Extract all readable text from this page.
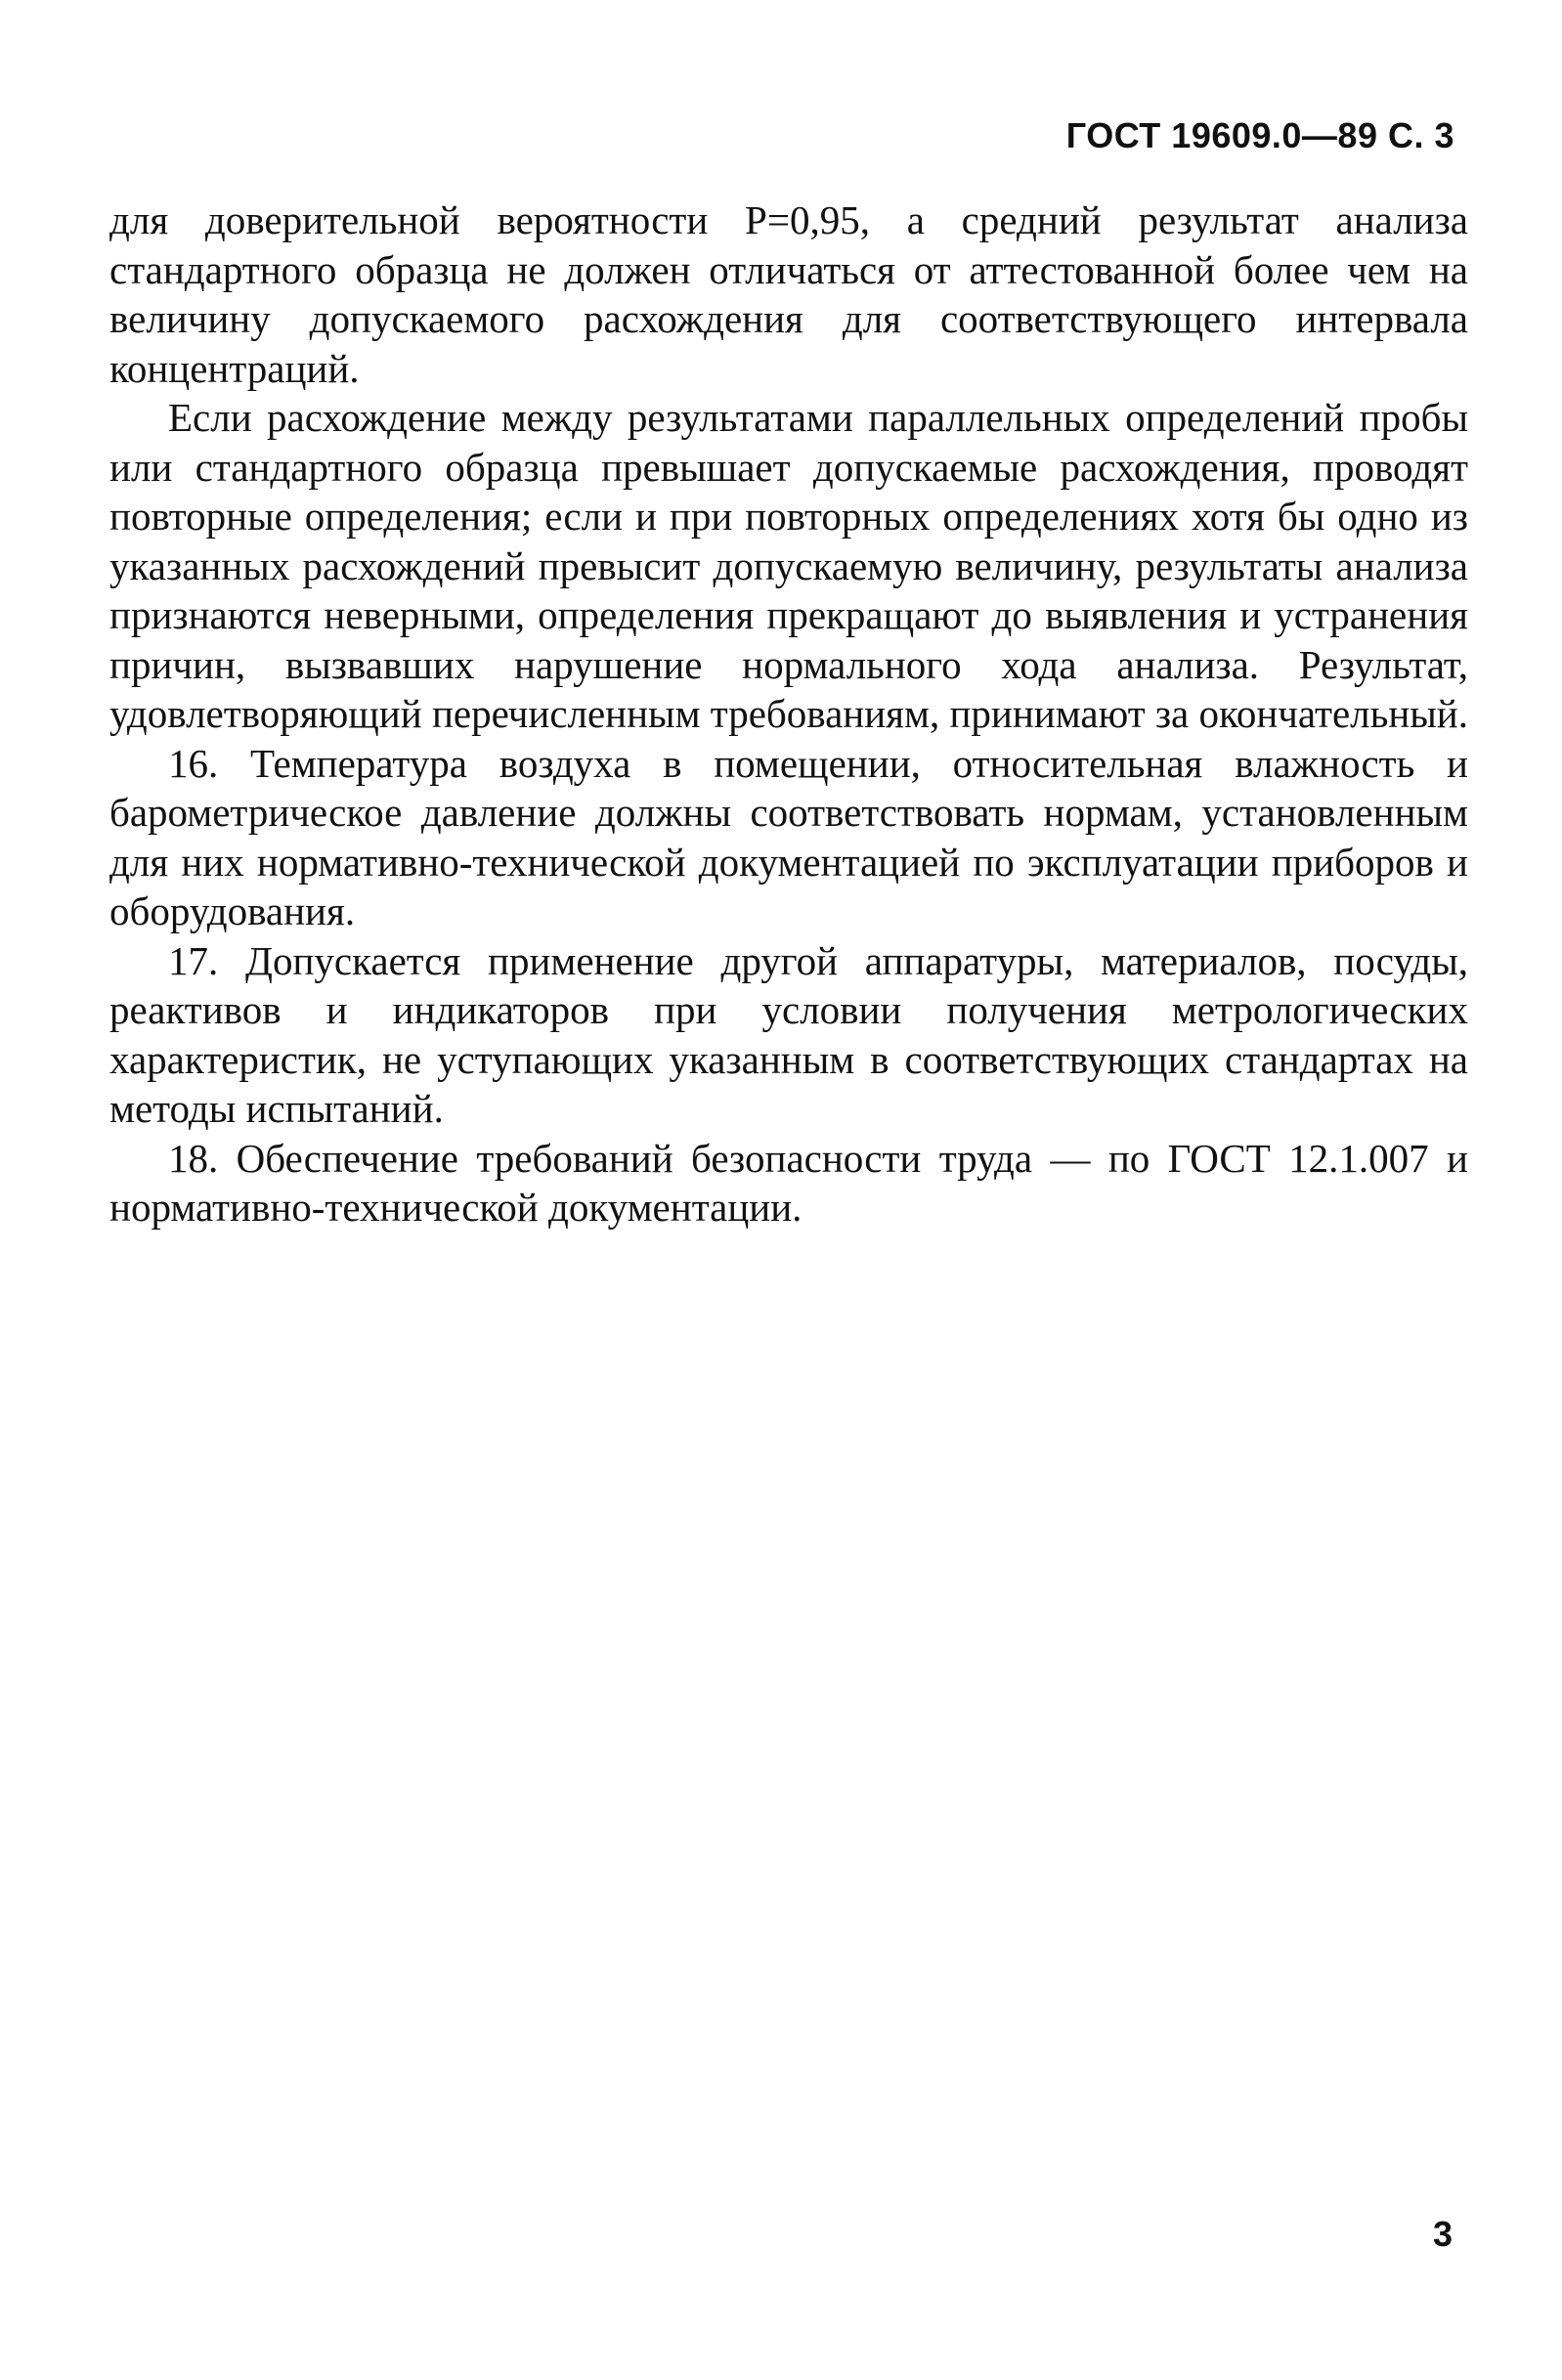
ГОСТ 19609.0—89 С. 3

для доверительной вероятности P=0,95, а средний результат анализа стандартного образца не должен отличаться от аттестованной более чем на величину допускаемого расхождения для соответствующего интервала концентраций.

Если расхождение между результатами параллельных определений пробы или стандартного образца превышает допускаемые расхождения, проводят повторные определения; если и при повторных определениях хотя бы одно из указанных расхождений превысит допускаемую величину, результаты анализа признаются неверными, определения прекращают до выявления и устранения причин, вызвавших нарушение нормального хода анализа. Результат, удовлетворяющий перечисленным требованиям, принимают за окончательный.

16. Температура воздуха в помещении, относительная влажность и барометрическое давление должны соответствовать нормам, установленным для них нормативно-технической документацией по эксплуатации приборов и оборудования.

17. Допускается применение другой аппаратуры, материалов, посуды, реактивов и индикаторов при условии получения метрологических характеристик, не уступающих указанным в соответствующих стандартах на методы испытаний.

18. Обеспечение требований безопасности труда — по ГОСТ 12.1.007 и нормативно-технической документации.

3
